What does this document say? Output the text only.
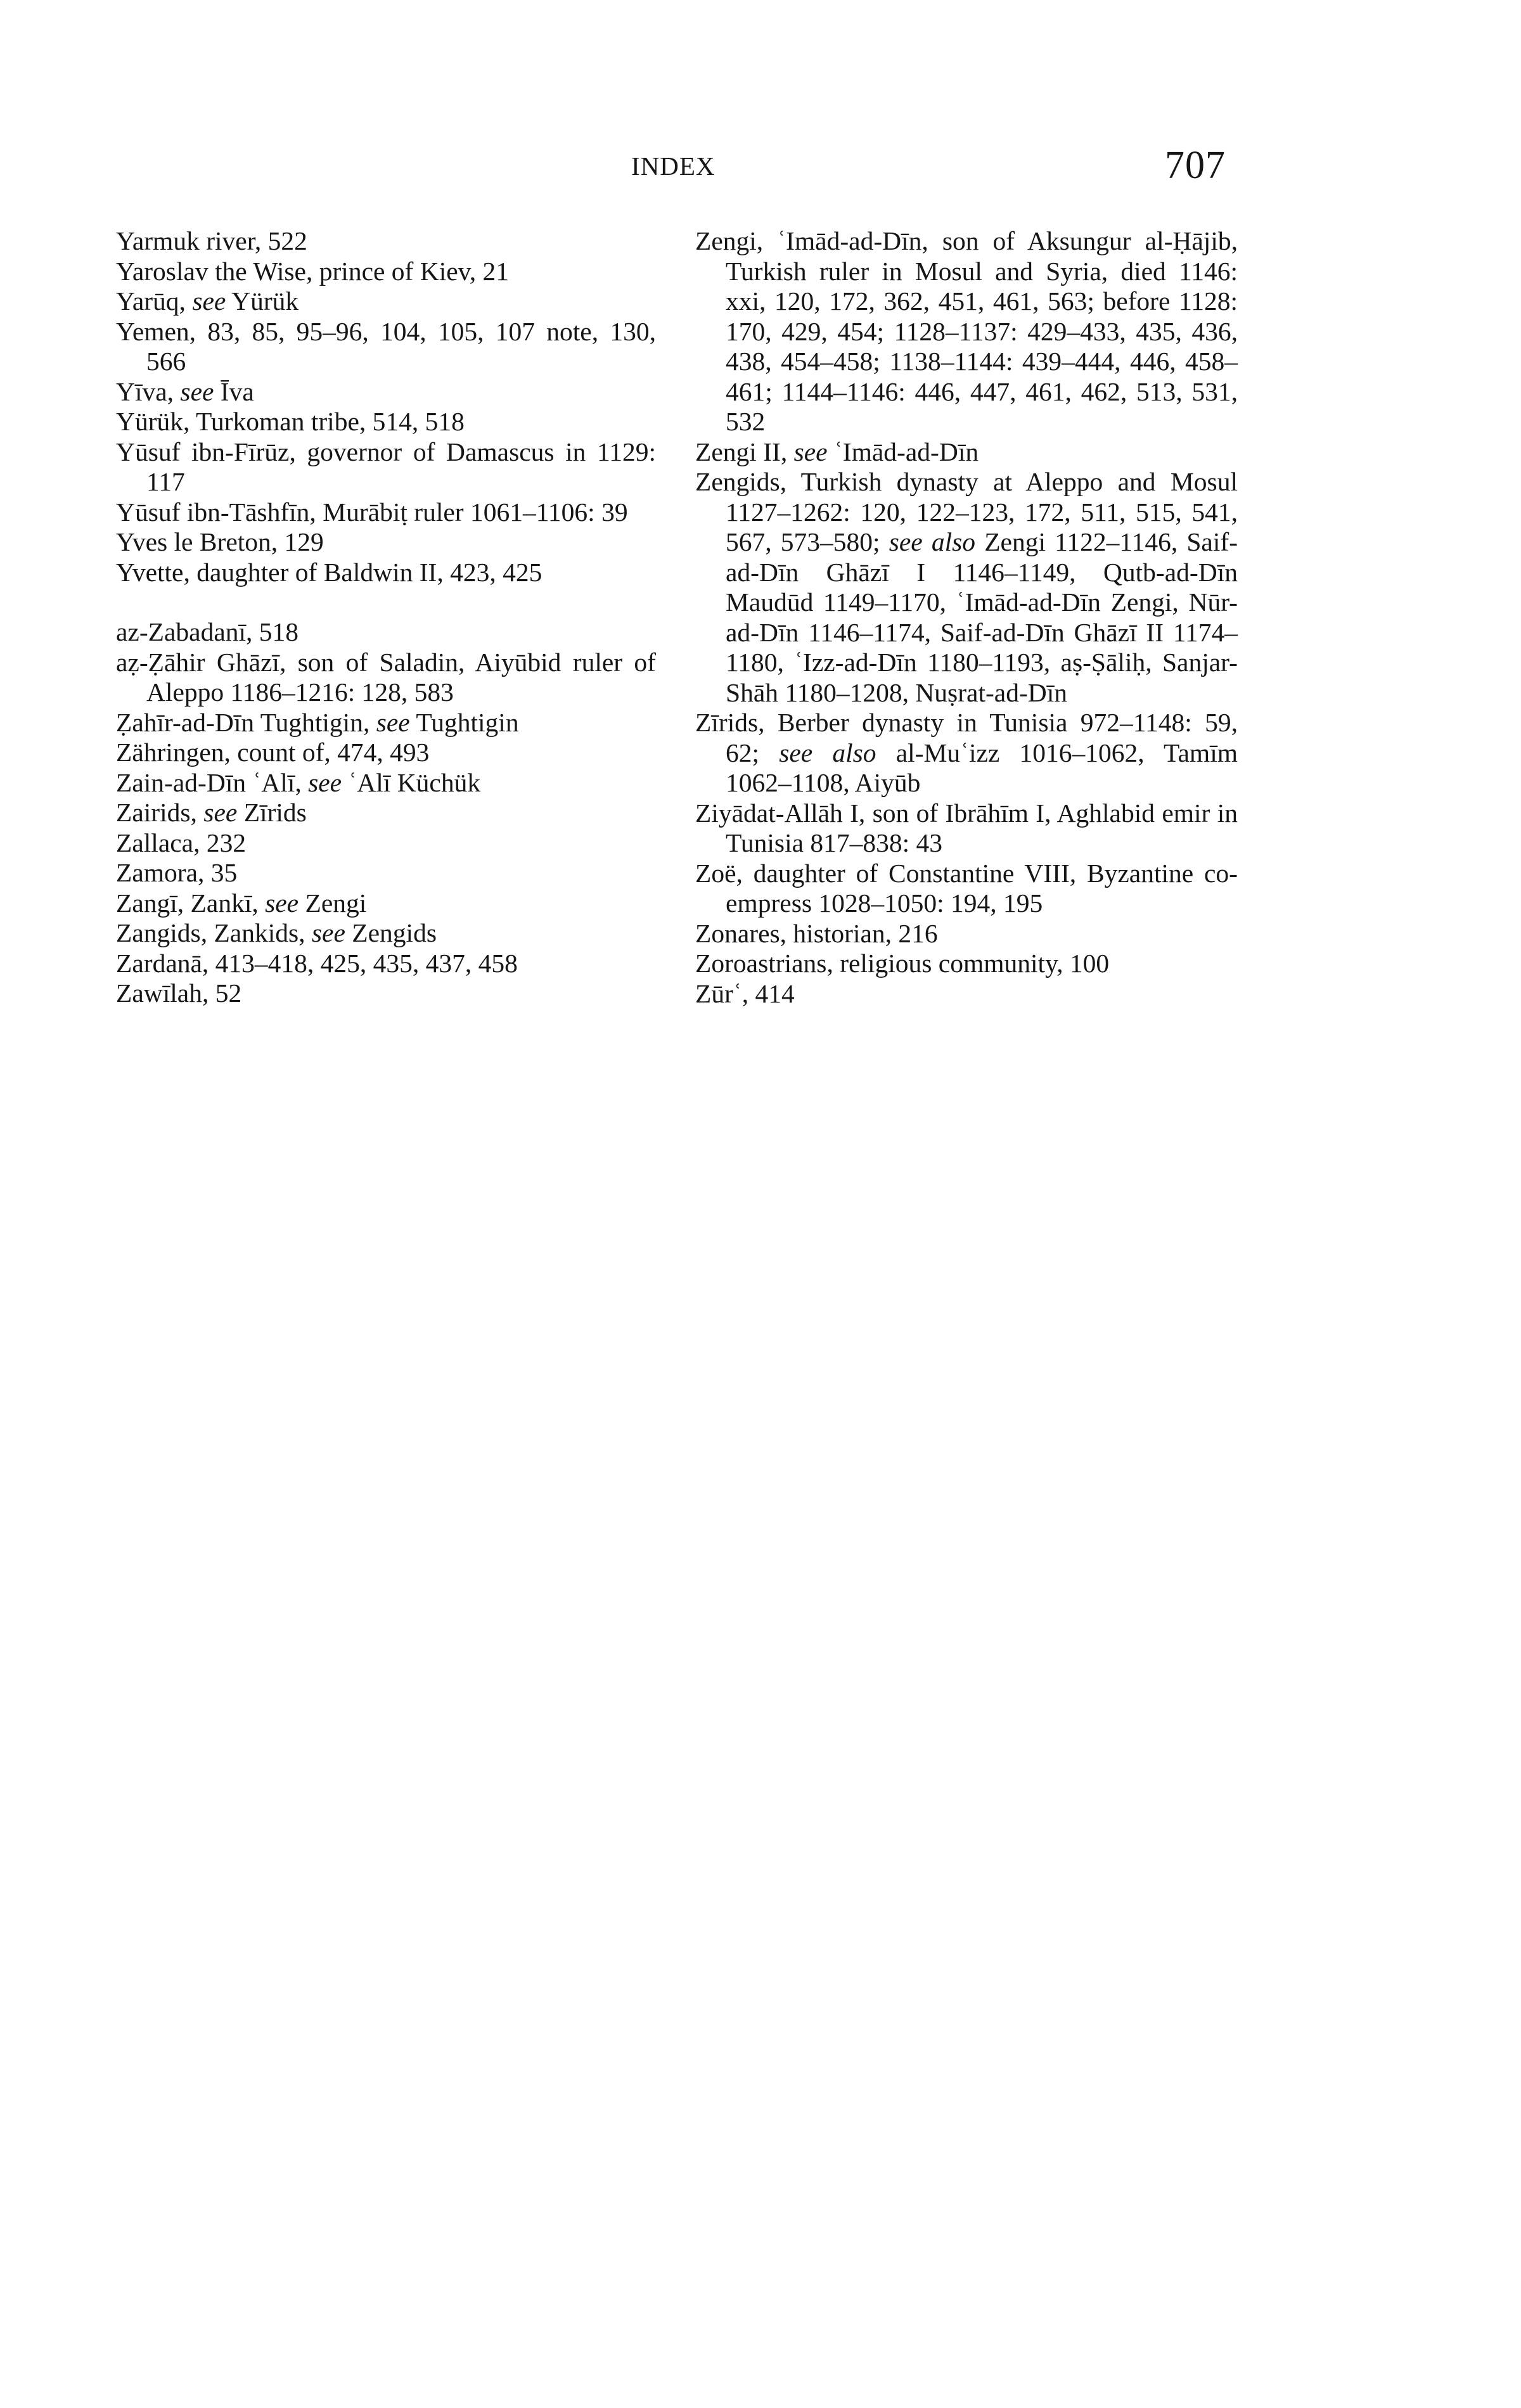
INDEX	707
Yarmuk river, 522
Yaroslav the Wise, prince of Kiev, 21
Yarūq, see Yürük
Yemen, 83, 85, 95–96, 104, 105, 107 note, 130, 566
Yīva, see Īva
Yürük, Turkoman tribe, 514, 518
Yūsuf ibn-Fīrūz, governor of Damascus in 1129: 117
Yūsuf ibn-Tāshfīn, Murābiṭ ruler 1061–1106: 39
Yves le Breton, 129
Yvette, daughter of Baldwin II, 423, 425
az-Zabadanī, 518
aẓ-Ẓāhir Ghāzī, son of Saladin, Aiyūbid ruler of Aleppo 1186–1216: 128, 583
Ẓahīr-ad-Dīn Tughtigin, see Tughtigin
Zähringen, count of, 474, 493
Zain-ad-Dīn ʿAlī, see ʿAlī Küchük
Zairids, see Zīrids
Zallaca, 232
Zamora, 35
Zangī, Zankī, see Zengi
Zangids, Zankids, see Zengids
Zardanā, 413–418, 425, 435, 437, 458
Zawīlah, 52
Zengi, ʿImād-ad-Dīn, son of Aksungur al-Ḥājib, Turkish ruler in Mosul and Syria, died 1146: xxi, 120, 172, 362, 451, 461, 563; before 1128: 170, 429, 454; 1128–1137: 429–433, 435, 436, 438, 454–458; 1138–1144: 439–444, 446, 458–461; 1144–1146: 446, 447, 461, 462, 513, 531, 532
Zengi II, see ʿImād-ad-Dīn
Zengids, Turkish dynasty at Aleppo and Mosul 1127–1262: 120, 122–123, 172, 511, 515, 541, 567, 573–580; see also Zengi 1122–1146, Saif-ad-Dīn Ghāzī I 1146–1149, Qutb-ad-Dīn Maudūd 1149–1170, ʿImād-ad-Dīn Zengi, Nūr-ad-Dīn 1146–1174, Saif-ad-Dīn Ghāzī II 1174–1180, ʿIzz-ad-Dīn 1180–1193, aṣ-Ṣāliḥ, Sanjar-Shāh 1180–1208, Nuṣrat-ad-Dīn
Zīrids, Berber dynasty in Tunisia 972–1148: 59, 62; see also al-Muʿizz 1016–1062, Tamīm 1062–1108, Aiyūb
Ziyādat-Allāh I, son of Ibrāhīm I, Aghlabid emir in Tunisia 817–838: 43
Zoë, daughter of Constantine VIII, Byzantine co-empress 1028–1050: 194, 195
Zonares, historian, 216
Zoroastrians, religious community, 100
Zūrʿ, 414
